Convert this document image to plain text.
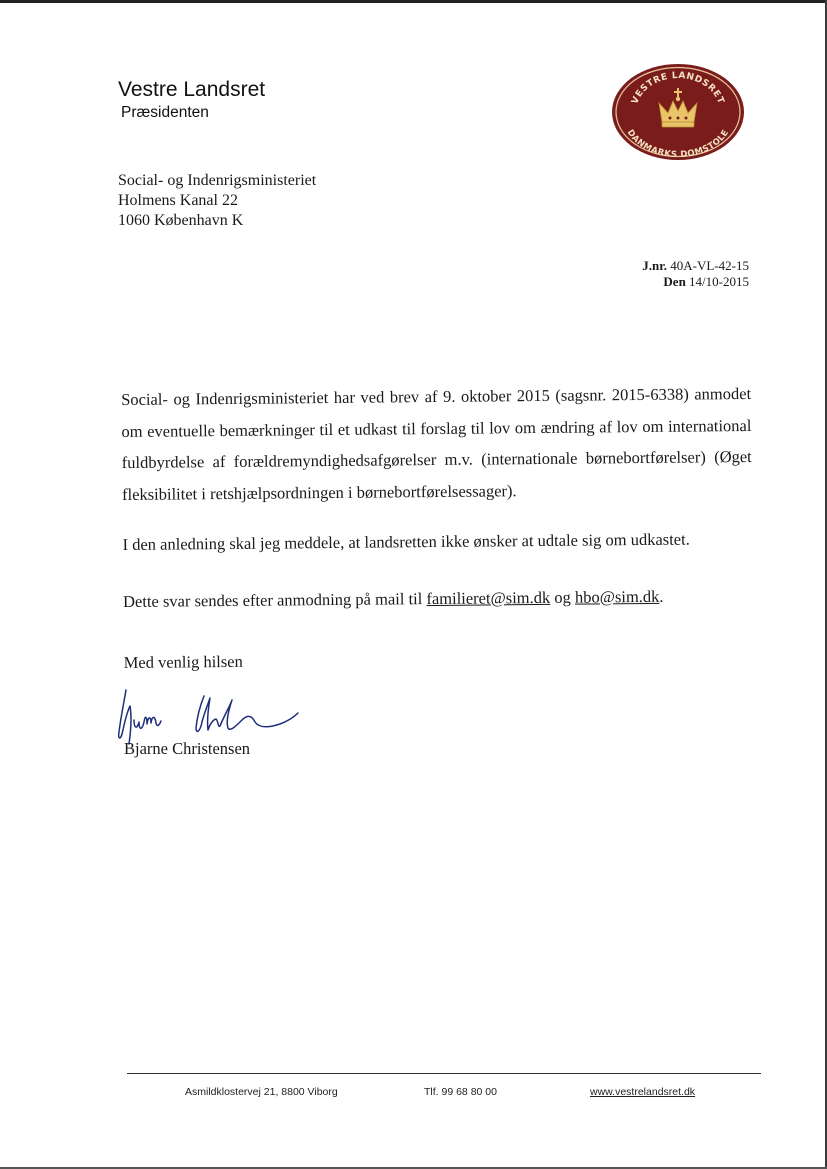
Vestre Landsret
Præsidenten
VESTRE LANDSRET
DANMARKS DOMSTOLE
Social- og Indenrigsministeriet
Holmens Kanal 22
1060 København K
J.nr. 40A-VL-42-15
Den 14/10-2015

Social- og Indenrigsministeriet har ved brev af 9. oktober 2015 (sagsnr. 2015-6338) anmodet om eventuelle bemærkninger til et udkast til forslag til lov om ændring af lov om international fuldbyrdelse af forældremyndighedsafgørelser m.v. (internationale børnebortførelser) (Øget fleksibilitet i retshjælpsordningen i børnebortførelsessager).

I den anledning skal jeg meddele, at landsretten ikke ønsker at udtale sig om udkastet.

Dette svar sendes efter anmodning på mail til familieret@sim.dk og hbo@sim.dk.

Med venlig hilsen

Bjarne Christensen
Asmildklostervej 21, 8800 Viborg	Tlf. 99 68 80 00	www.vestrelandsret.dk
